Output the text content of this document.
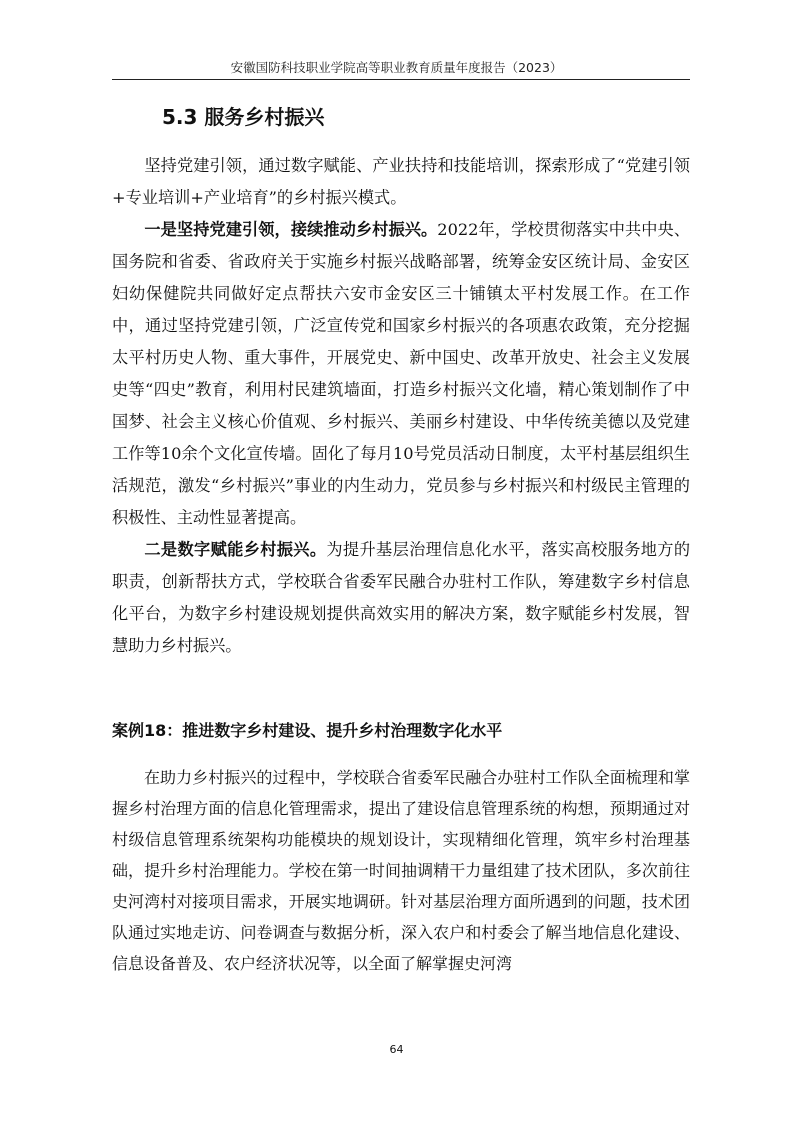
安徽国防科技职业学院高等职业教育质量年度报告（2023）
5.3 服务乡村振兴

坚持党建引领，通过数字赋能、产业扶持和技能培训，探索形成了“党建引领+专业培训+产业培育”的乡村振兴模式。

一是坚持党建引领，接续推动乡村振兴。2022年，学校贯彻落实中共中央、国务院和省委、省政府关于实施乡村振兴战略部署，统筹金安区统计局、金安区妇幼保健院共同做好定点帮扶六安市金安区三十铺镇太平村发展工作。在工作中，通过坚持党建引领，广泛宣传党和国家乡村振兴的各项惠农政策，充分挖掘太平村历史人物、重大事件，开展党史、新中国史、改革开放史、社会主义发展史等“四史”教育，利用村民建筑墙面，打造乡村振兴文化墙，精心策划制作了中国梦、社会主义核心价值观、乡村振兴、美丽乡村建设、中华传统美德以及党建工作等10余个文化宣传墙。固化了每月10号党员活动日制度，太平村基层组织生活规范，激发“乡村振兴”事业的内生动力，党员参与乡村振兴和村级民主管理的积极性、主动性显著提高。

二是数字赋能乡村振兴。为提升基层治理信息化水平，落实高校服务地方的职责，创新帮扶方式，学校联合省委军民融合办驻村工作队，筹建数字乡村信息化平台，为数字乡村建设规划提供高效实用的解决方案，数字赋能乡村发展，智慧助力乡村振兴。

案例18：推进数字乡村建设、提升乡村治理数字化水平

在助力乡村振兴的过程中，学校联合省委军民融合办驻村工作队全面梳理和掌握乡村治理方面的信息化管理需求，提出了建设信息管理系统的构想，预期通过对村级信息管理系统架构功能模块的规划设计，实现精细化管理，筑牢乡村治理基础，提升乡村治理能力。学校在第一时间抽调精干力量组建了技术团队，多次前往史河湾村对接项目需求，开展实地调研。针对基层治理方面所遇到的问题，技术团队通过实地走访、问卷调查与数据分析，深入农户和村委会了解当地信息化建设、信息设备普及、农户经济状况等，以全面了解掌握史河湾

64
